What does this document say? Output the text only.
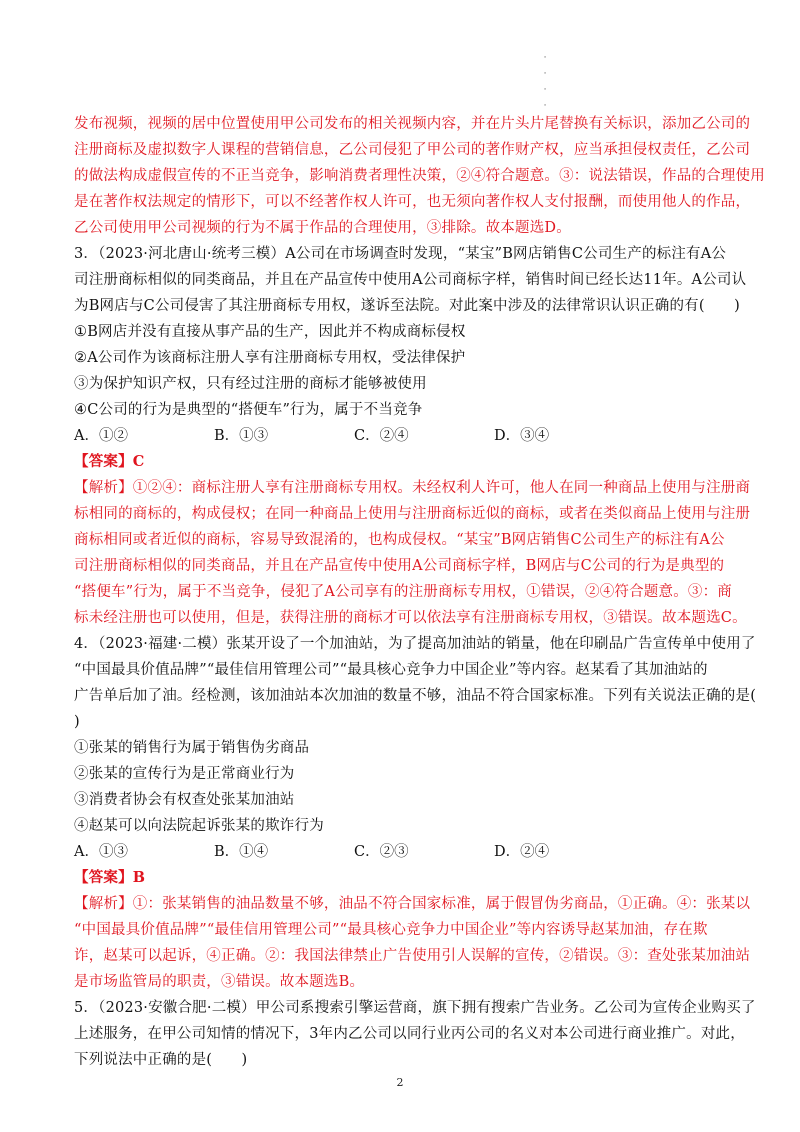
·
·
·
·
发布视频，视频的居中位置使用甲公司发布的相关视频内容，并在片头片尾替换有关标识，添加乙公司的
注册商标及虚拟数字人课程的营销信息，乙公司侵犯了甲公司的著作财产权，应当承担侵权责任，乙公司
的做法构成虚假宣传的不正当竞争，影响消费者理性决策，②④符合题意。③：说法错误，作品的合理使用
是在著作权法规定的情形下，可以不经著作权人许可，也无须向著作权人支付报酬，而使用他人的作品，
乙公司使用甲公司视频的行为不属于作品的合理使用，③排除。故本题选D。
3．（2023·河北唐山·统考三模）A公司在市场调查时发现，“某宝”B网店销售C公司生产的标注有A公
司注册商标相似的同类商品，并且在产品宣传中使用A公司商标字样，销售时间已经长达11年。A公司认
为B网店与C公司侵害了其注册商标专用权，遂诉至法院。对此案中涉及的法律常识认识正确的有(　　)
①B网店并没有直接从事产品的生产，因此并不构成商标侵权
②A公司作为该商标注册人享有注册商标专用权，受法律保护
③为保护知识产权，只有经过注册的商标才能够被使用
④C公司的行为是典型的“搭便车”行为，属于不当竞争
A．①②	B．①③	C．②④	D．③④
【答案】C
【解析】①②④：商标注册人享有注册商标专用权。未经权利人许可，他人在同一种商品上使用与注册商
标相同的商标的，构成侵权；在同一种商品上使用与注册商标近似的商标，或者在类似商品上使用与注册
商标相同或者近似的商标，容易导致混淆的，也构成侵权。“某宝”B网店销售C公司生产的标注有A公
司注册商标相似的同类商品，并且在产品宣传中使用A公司商标字样，B网店与C公司的行为是典型的
“搭便车”行为，属于不当竞争，侵犯了A公司享有的注册商标专用权，①错误，②④符合题意。③：商
标未经注册也可以使用，但是，获得注册的商标才可以依法享有注册商标专用权，③错误。故本题选C。
4．（2023·福建·二模）张某开设了一个加油站，为了提高加油站的销量，他在印刷品广告宣传单中使用了
“中国最具价值品牌”“最佳信用管理公司”“最具核心竞争力中国企业”等内容。赵某看了其加油站的
广告单后加了油。经检测，该加油站本次加油的数量不够，油品不符合国家标准。下列有关说法正确的是(
)
①张某的销售行为属于销售伪劣商品
②张某的宣传行为是正常商业行为
③消费者协会有权查处张某加油站
④赵某可以向法院起诉张某的欺诈行为
A．①③	B．①④	C．②③	D．②④
【答案】B
【解析】①：张某销售的油品数量不够，油品不符合国家标准，属于假冒伪劣商品，①正确。④：张某以
“中国最具价值品牌”“最佳信用管理公司”“最具核心竞争力中国企业”等内容诱导赵某加油，存在欺
诈，赵某可以起诉，④正确。②：我国法律禁止广告使用引人误解的宣传，②错误。③：查处张某加油站
是市场监管局的职责，③错误。故本题选B。
5．（2023·安徽合肥·二模）甲公司系搜索引擎运营商，旗下拥有搜索广告业务。乙公司为宣传企业购买了
上述服务，在甲公司知情的情况下，3年内乙公司以同行业丙公司的名义对本公司进行商业推广。对此，
下列说法中正确的是(　　)
2
